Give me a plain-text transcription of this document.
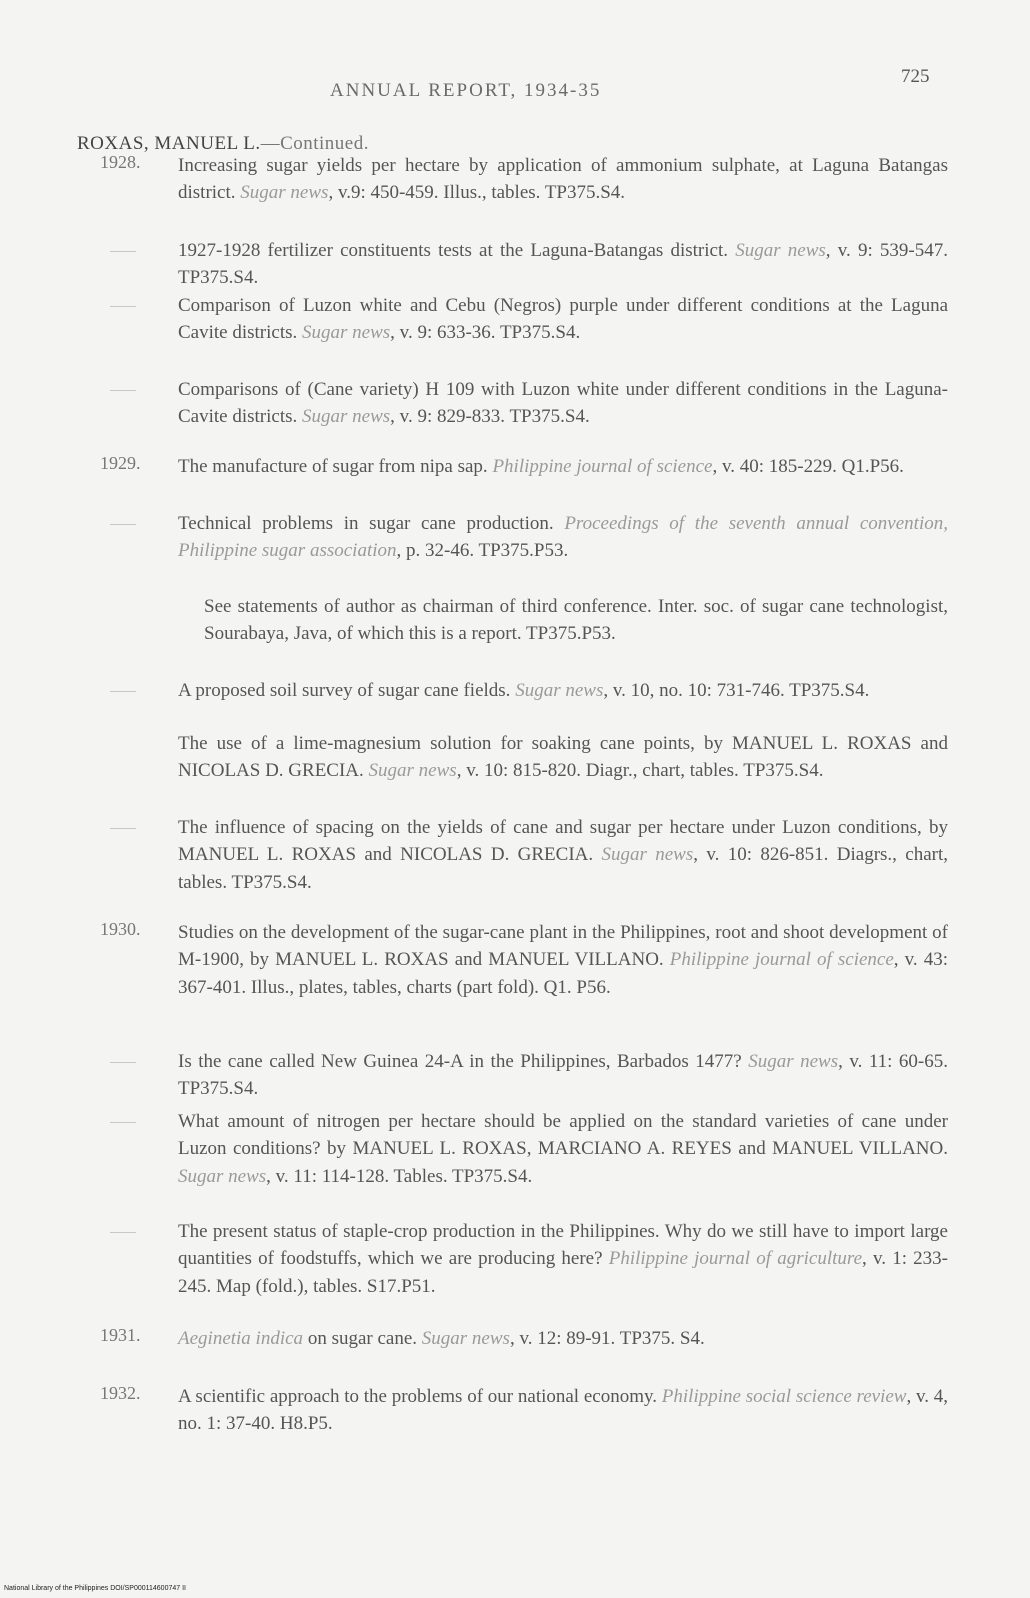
ANNUAL REPORT, 1934-35
725
ROXAS, MANUEL L.—Continued.
1928.	Increasing sugar yields per hectare by application of ammonium sulphate, at Laguna Batangas district. Sugar news, v.9: 450-459. Illus., tables. TP375.S4.
1927-1928 fertilizer constituents tests at the Laguna-Batangas district. Sugar news, v. 9: 539-547. TP375.S4.
Comparison of Luzon white and Cebu (Negros) purple under different conditions at the Laguna Cavite districts. Sugar news, v. 9: 633-36. TP375.S4.
Comparisons of (Cane variety) H 109 with Luzon white under different conditions in the Laguna-Cavite districts. Sugar news, v. 9: 829-833. TP375.S4.
1929.	The manufacture of sugar from nipa sap. Philippine journal of science, v. 40: 185-229. Q1.P56.
Technical problems in sugar cane production. Proceedings of the seventh annual convention, Philippine sugar association, p. 32-46. TP375.P53.
See statements of author as chairman of third conference. Inter. soc. of sugar cane technologist, Sourabaya, Java, of which this is a report. TP375.P53.
A proposed soil survey of sugar cane fields. Sugar news, v. 10, no. 10: 731-746. TP375.S4.
The use of a lime-magnesium solution for soaking cane points, by MANUEL L. ROXAS and NICOLAS D. GRECIA. Sugar news, v. 10: 815-820. Diagr., chart, tables. TP375.S4.
The influence of spacing on the yields of cane and sugar per hectare under Luzon conditions, by MANUEL L. ROXAS and NICOLAS D. GRECIA. Sugar news, v. 10: 826-851. Diagrs., chart, tables. TP375.S4.
1930.	Studies on the development of the sugar-cane plant in the Philippines, root and shoot development of M-1900, by MANUEL L. ROXAS and MANUEL VILLANO. Philippine journal of science, v. 43: 367-401. Illus., plates, tables, charts (part fold). Q1. P56.
Is the cane called New Guinea 24-A in the Philippines, Barbados 1477? Sugar news, v. 11: 60-65. TP375.S4.
What amount of nitrogen per hectare should be applied on the standard varieties of cane under Luzon conditions? by MANUEL L. ROXAS, MARCIANO A. REYES and MANUEL VILLANO. Sugar news, v. 11: 114-128. Tables. TP375.S4.
The present status of staple-crop production in the Philippines. Why do we still have to import large quantities of foodstuffs, which we are producing here? Philippine journal of agriculture, v. 1: 233-245. Map (fold.), tables. S17.P51.
1931.	Aeginetia indica on sugar cane. Sugar news, v. 12: 89-91. TP375. S4.
1932.	A scientific approach to the problems of our national economy. Philippine social science review, v. 4, no. 1: 37-40. H8.P5.
National Library of the Philippines DOI/SP000114600747 II
